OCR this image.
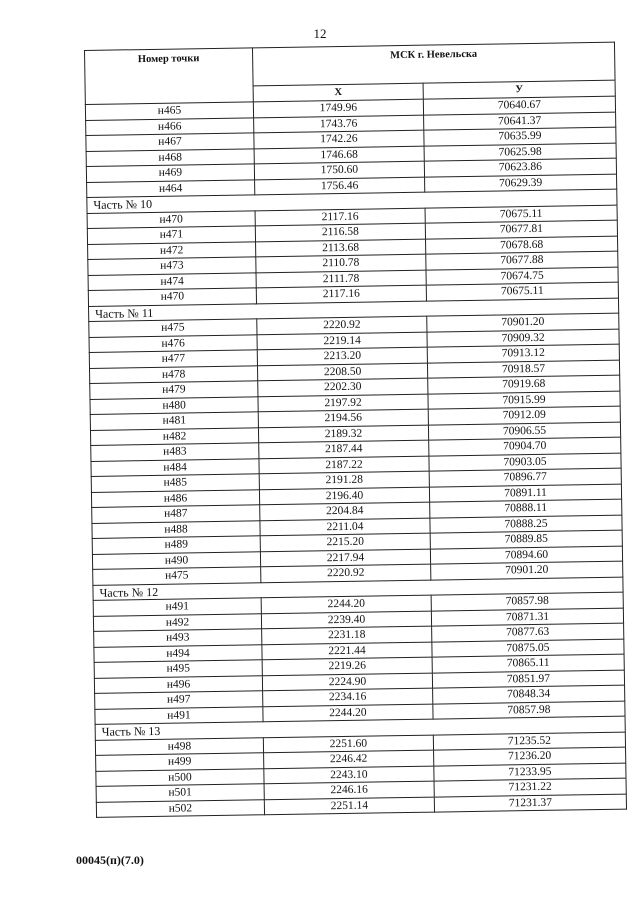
12
Номер точки	МСК г. Невельска	
	X	У
н465	1749.96	70640.67
н466	1743.76	70641.37
н467	1742.26	70635.99
н468	1746.68	70625.98
н469	1750.60	70623.86
н464	1756.46	70629.39
Часть № 10		
н470	2117.16	70675.11
н471	2116.58	70677.81
н472	2113.68	70678.68
н473	2110.78	70677.88
н474	2111.78	70674.75
н470	2117.16	70675.11
Часть № 11		
н475	2220.92	70901.20
н476	2219.14	70909.32
н477	2213.20	70913.12
н478	2208.50	70918.57
н479	2202.30	70919.68
н480	2197.92	70915.99
н481	2194.56	70912.09
н482	2189.32	70906.55
н483	2187.44	70904.70
н484	2187.22	70903.05
н485	2191.28	70896.77
н486	2196.40	70891.11
н487	2204.84	70888.11
н488	2211.04	70888.25
н489	2215.20	70889.85
н490	2217.94	70894.60
н475	2220.92	70901.20
Часть № 12		
н491	2244.20	70857.98
н492	2239.40	70871.31
н493	2231.18	70877.63
н494	2221.44	70875.05
н495	2219.26	70865.11
н496	2224.90	70851.97
н497	2234.16	70848.34
н491	2244.20	70857.98
Часть № 13		
н498	2251.60	71235.52
н499	2246.42	71236.20
н500	2243.10	71233.95
н501	2246.16	71231.22
н502	2251.14	71231.37
00045(п)(7.0)
